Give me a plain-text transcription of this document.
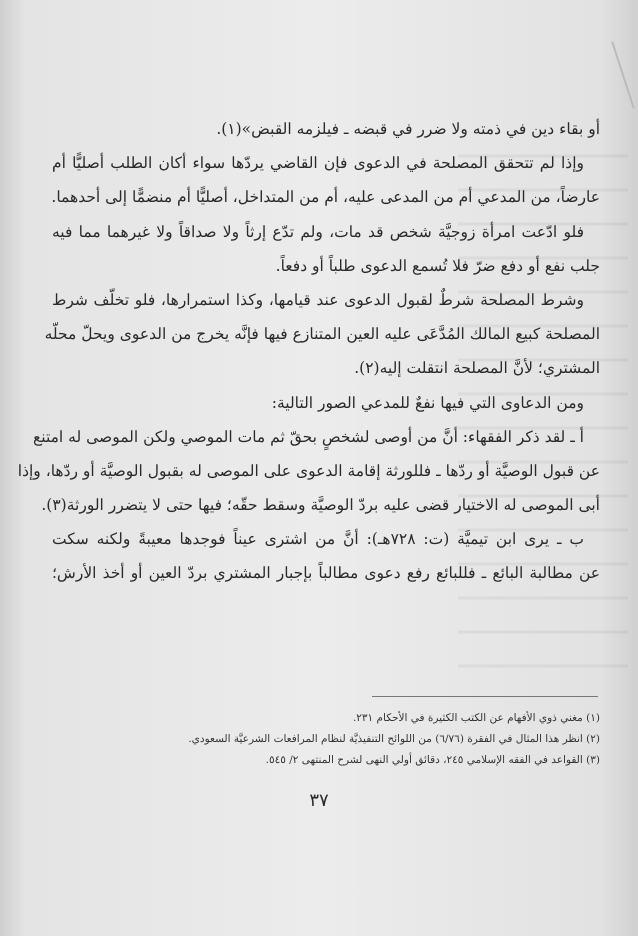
أو بقاء دين في ذمته ولا ضرر في قبضه ـ فيلزمه القبض»(١).
وإذا لم تتحقق المصلحة في الدعوى فإن القاضي يردّها سواء أكان الطلب أصليًّا أم
عارضاً، من المدعي أم من المدعى عليه، أم من المتداخل، أصليًّا أم منضمًّا إلى أحدهما.
فلو ادّعت امرأة زوجيَّة شخص قد مات، ولم تدّع إرثاً ولا صداقاً ولا غيرهما مما فيه
جلب نفع أو دفع ضرّ فلا تُسمع الدعوى طلباً أو دفعاً.
وشرط المصلحة شرطٌ لقبول الدعوى عند قيامها، وكذا استمرارها، فلو تخلّف شرط
المصلحة كبيع المالك المُدَّعَى عليه العين المتنازع فيها فإنَّه يخرج من الدعوى ويحلّ محلّه
المشتري؛ لأنَّ المصلحة انتقلت إليه(٢).
ومن الدعاوى التي فيها نفعٌ للمدعي الصور التالية:
أ ـ لقد ذكر الفقهاء: أنَّ من أوصى لشخصٍ بحقّ ثم مات الموصي ولكن الموصى له امتنع
عن قبول الوصيَّة أو ردّها ـ فللورثة إقامة الدعوى على الموصى له بقبول الوصيَّة أو ردّها، وإذا
أبى الموصى له الاختيار قضى عليه بردّ الوصيَّة وسقط حقّه؛ فيها حتى لا يتضرر الورثة(٣).
ب ـ يرى ابن تيميَّة (ت: ٧٢٨هـ): أنَّ من اشترى عيناً فوجدها معيبةً ولكنه سكت
عن مطالبة البائع ـ فللبائع رفع دعوى مطالباً بإجبار المشتري بردّ العين أو أخذ الأرش؛
(١) مغني ذوي الأفهام عن الكتب الكثيرة في الأحكام ٢٣١.
(٢) انظر هذا المثال في الفقرة (٦/٧٦) من اللوائح التنفيذيَّة لنظام المرافعات الشرعيَّة السعودي.
(٣) القواعد في الفقه الإسلامي ٢٤٥، دقائق أولي النهى لشرح المنتهى ٢/ ٥٤٥.
٣٧
